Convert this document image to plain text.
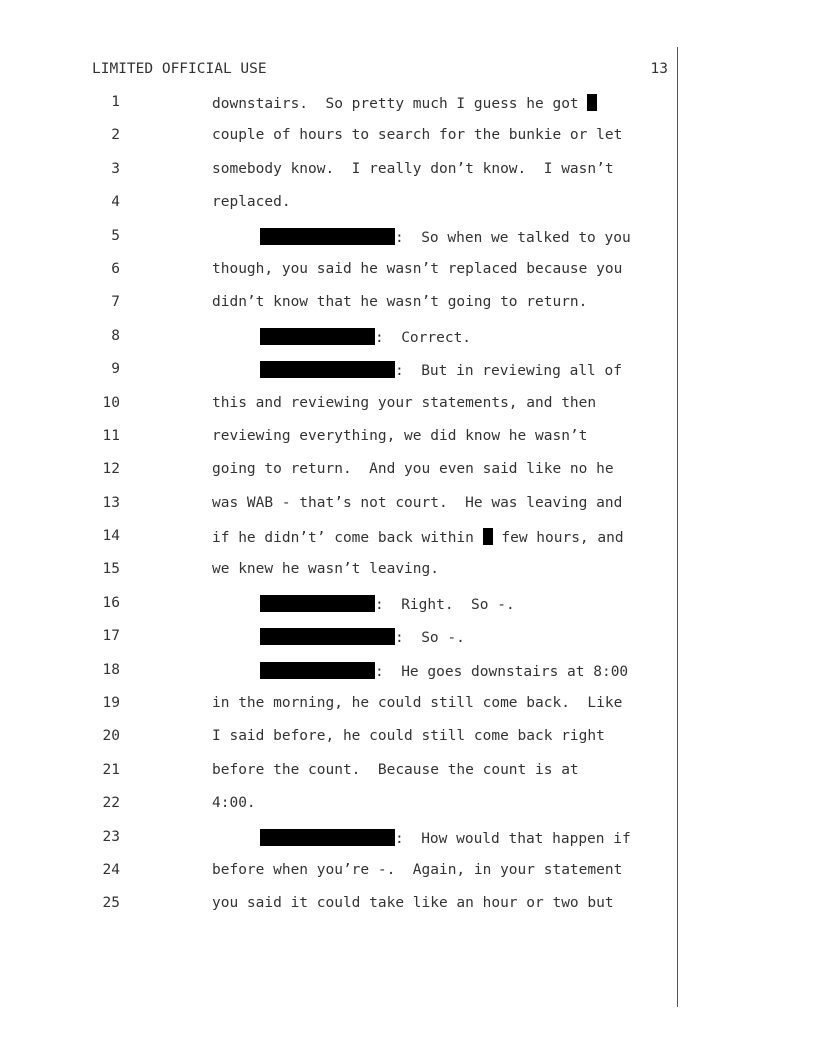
LIMITED OFFICIAL USE	13
1	downstairs.  So pretty much I guess he got
2	couple of hours to search for the bunkie or let
3	somebody know.  I really don’t know.  I wasn’t
4	replaced.
5	:  So when we talked to you
6	though, you said he wasn’t replaced because you
7	didn’t know that he wasn’t going to return.
8	:  Correct.
9	:  But in reviewing all of
10	this and reviewing your statements, and then
11	reviewing everything, we did know he wasn’t
12	going to return.  And you even said like no he
13	was WAB - that’s not court.  He was leaving and
14	if he didn’t’ come back within  few hours, and
15	we knew he wasn’t leaving.
16	:  Right.  So -.
17	:  So -.
18	:  He goes downstairs at 8:00
19	in the morning, he could still come back.  Like
20	I said before, he could still come back right
21	before the count.  Because the count is at
22	4:00.
23	:  How would that happen if
24	before when you’re -.  Again, in your statement
25	you said it could take like an hour or two but
